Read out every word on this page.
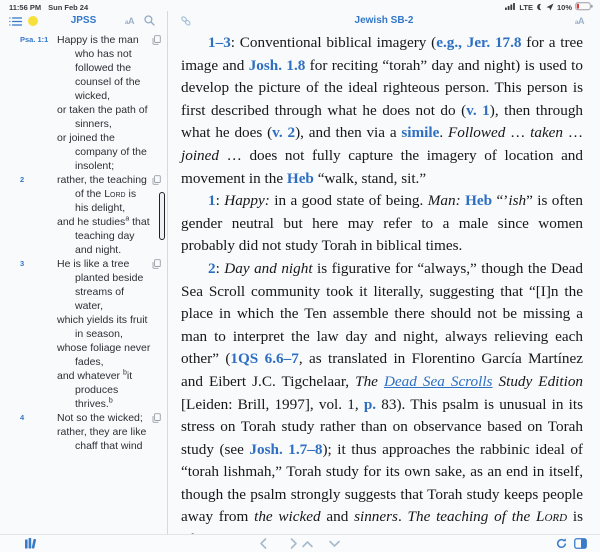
11:56 PM Sun Feb 24	LTE	10%
JPSS	aA
Psa. 1:1 Happy is the man
who has not
followed the
counsel of the
wicked,
or taken the path of
sinners,
or joined the
company of the
insolent;
2	rather, the teaching
of the Lord is
his delight,
and he studies$^a$ that
teaching day
and night.
3	He is like a tree
planted beside
streams of
water,
which yields its fruit
in season,
whose foliage never
fades,
and whatever $^b$it
produces
thrives.$^b$
4	Not so the wicked;
rather, they are like
chaff that wind
Jewish SB-2	aA

1–3: Conventional biblical imagery (e.g., Jer. 17.8 for a tree image and Josh. 1.8 for reciting “torah” day and night) is used to develop the picture of the ideal righteous person. This person is first described through what he does not do (v. 1), then through what he does (v. 2), and then via a simile. Followed … taken … joined … does not fully capture the imagery of location and movement in the Heb “walk, stand, sit.”

1: Happy: in a good state of being. Man: Heb “’ish” is often gender neutral but here may refer to a male since women probably did not study Torah in biblical times.

2: Day and night is figurative for “always,” though the Dead Sea Scroll community took it literally, suggesting that “[I]n the place in which the Ten assemble there should not be missing a man to interpret the law day and night, always relieving each other” (1QS 6.6–7, as translated in Florentino García Martínez and Eibert J.C. Tigchelaar, The Dead Sea Scrolls Study Edition [Leiden: Brill, 1997], vol. 1, p. 83). This psalm is unusual in its stress on Torah study rather than on observance based on Torah study (see Josh. 1.7–8); it thus approaches the rabbinic ideal of “torah lishmah,” Torah study for its own sake, as an end in itself, though the psalm strongly suggests that Torah study keeps people away from the wicked and sinners. The teaching of the Lord is
